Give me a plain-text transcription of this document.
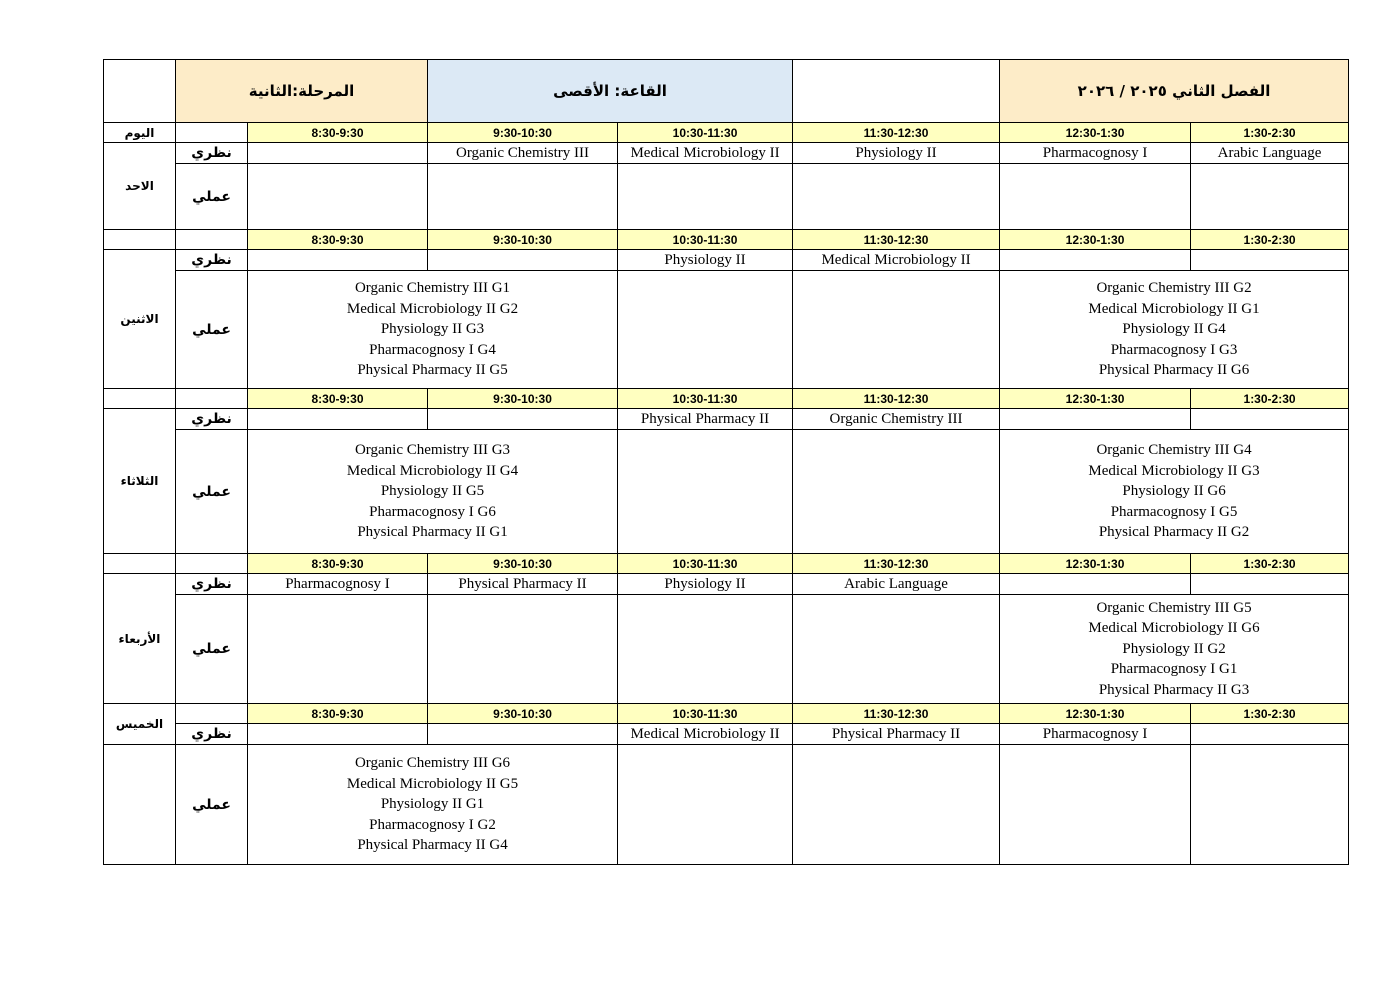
	المرحلة:الثانية		القاعة: الأقصى			الفصل الثاني ٢٠٢٥ / ٢٠٢٦	
اليوم		8:30-9:30	9:30-10:30	10:30-11:30	11:30-12:30	12:30-1:30	1:30-2:30
الاحد	نظري		Organic Chemistry III	Medical Microbiology II	Physiology II	Pharmacognosy I	Arabic Language
	عملي						
		8:30-9:30	9:30-10:30	10:30-11:30	11:30-12:30	12:30-1:30	1:30-2:30
الاثنين	نظري			Physiology II	Medical Microbiology II		
	عملي	Organic Chemistry III G1
Medical Microbiology II G2
Physiology II G3
Pharmacognosy I G4
Physical Pharmacy II G5				Organic Chemistry III G2
Medical Microbiology II G1
Physiology II G4
Pharmacognosy I G3
Physical Pharmacy II G6	

		8:30-9:30	9:30-10:30	10:30-11:30	11:30-12:30	12:30-1:30	1:30-2:30
الثلاثاء	نظري			Physical Pharmacy II	Organic Chemistry III		
	عملي	Organic Chemistry III G3
Medical Microbiology II G4
Physiology II G5
Pharmacognosy I G6
Physical Pharmacy II G1				Organic Chemistry III G4
Medical Microbiology II G3
Physiology II G6
Pharmacognosy I G5
Physical Pharmacy II G2	

		8:30-9:30	9:30-10:30	10:30-11:30	11:30-12:30	12:30-1:30	1:30-2:30
الأربعاء	نظري	Pharmacognosy I	Physical Pharmacy II	Physiology II	Arabic Language		
	عملي					Organic Chemistry III G5
Medical Microbiology II G6
Physiology II G2
Pharmacognosy I G1
Physical Pharmacy II G3	

الخميس		8:30-9:30	9:30-10:30	10:30-11:30	11:30-12:30	12:30-1:30	1:30-2:30
	نظري			Medical Microbiology II	Physical Pharmacy II	Pharmacognosy I	
	عملي	Organic Chemistry III G6
Medical Microbiology II G5
Physiology II G1
Pharmacognosy I G2
Physical Pharmacy II G4					
